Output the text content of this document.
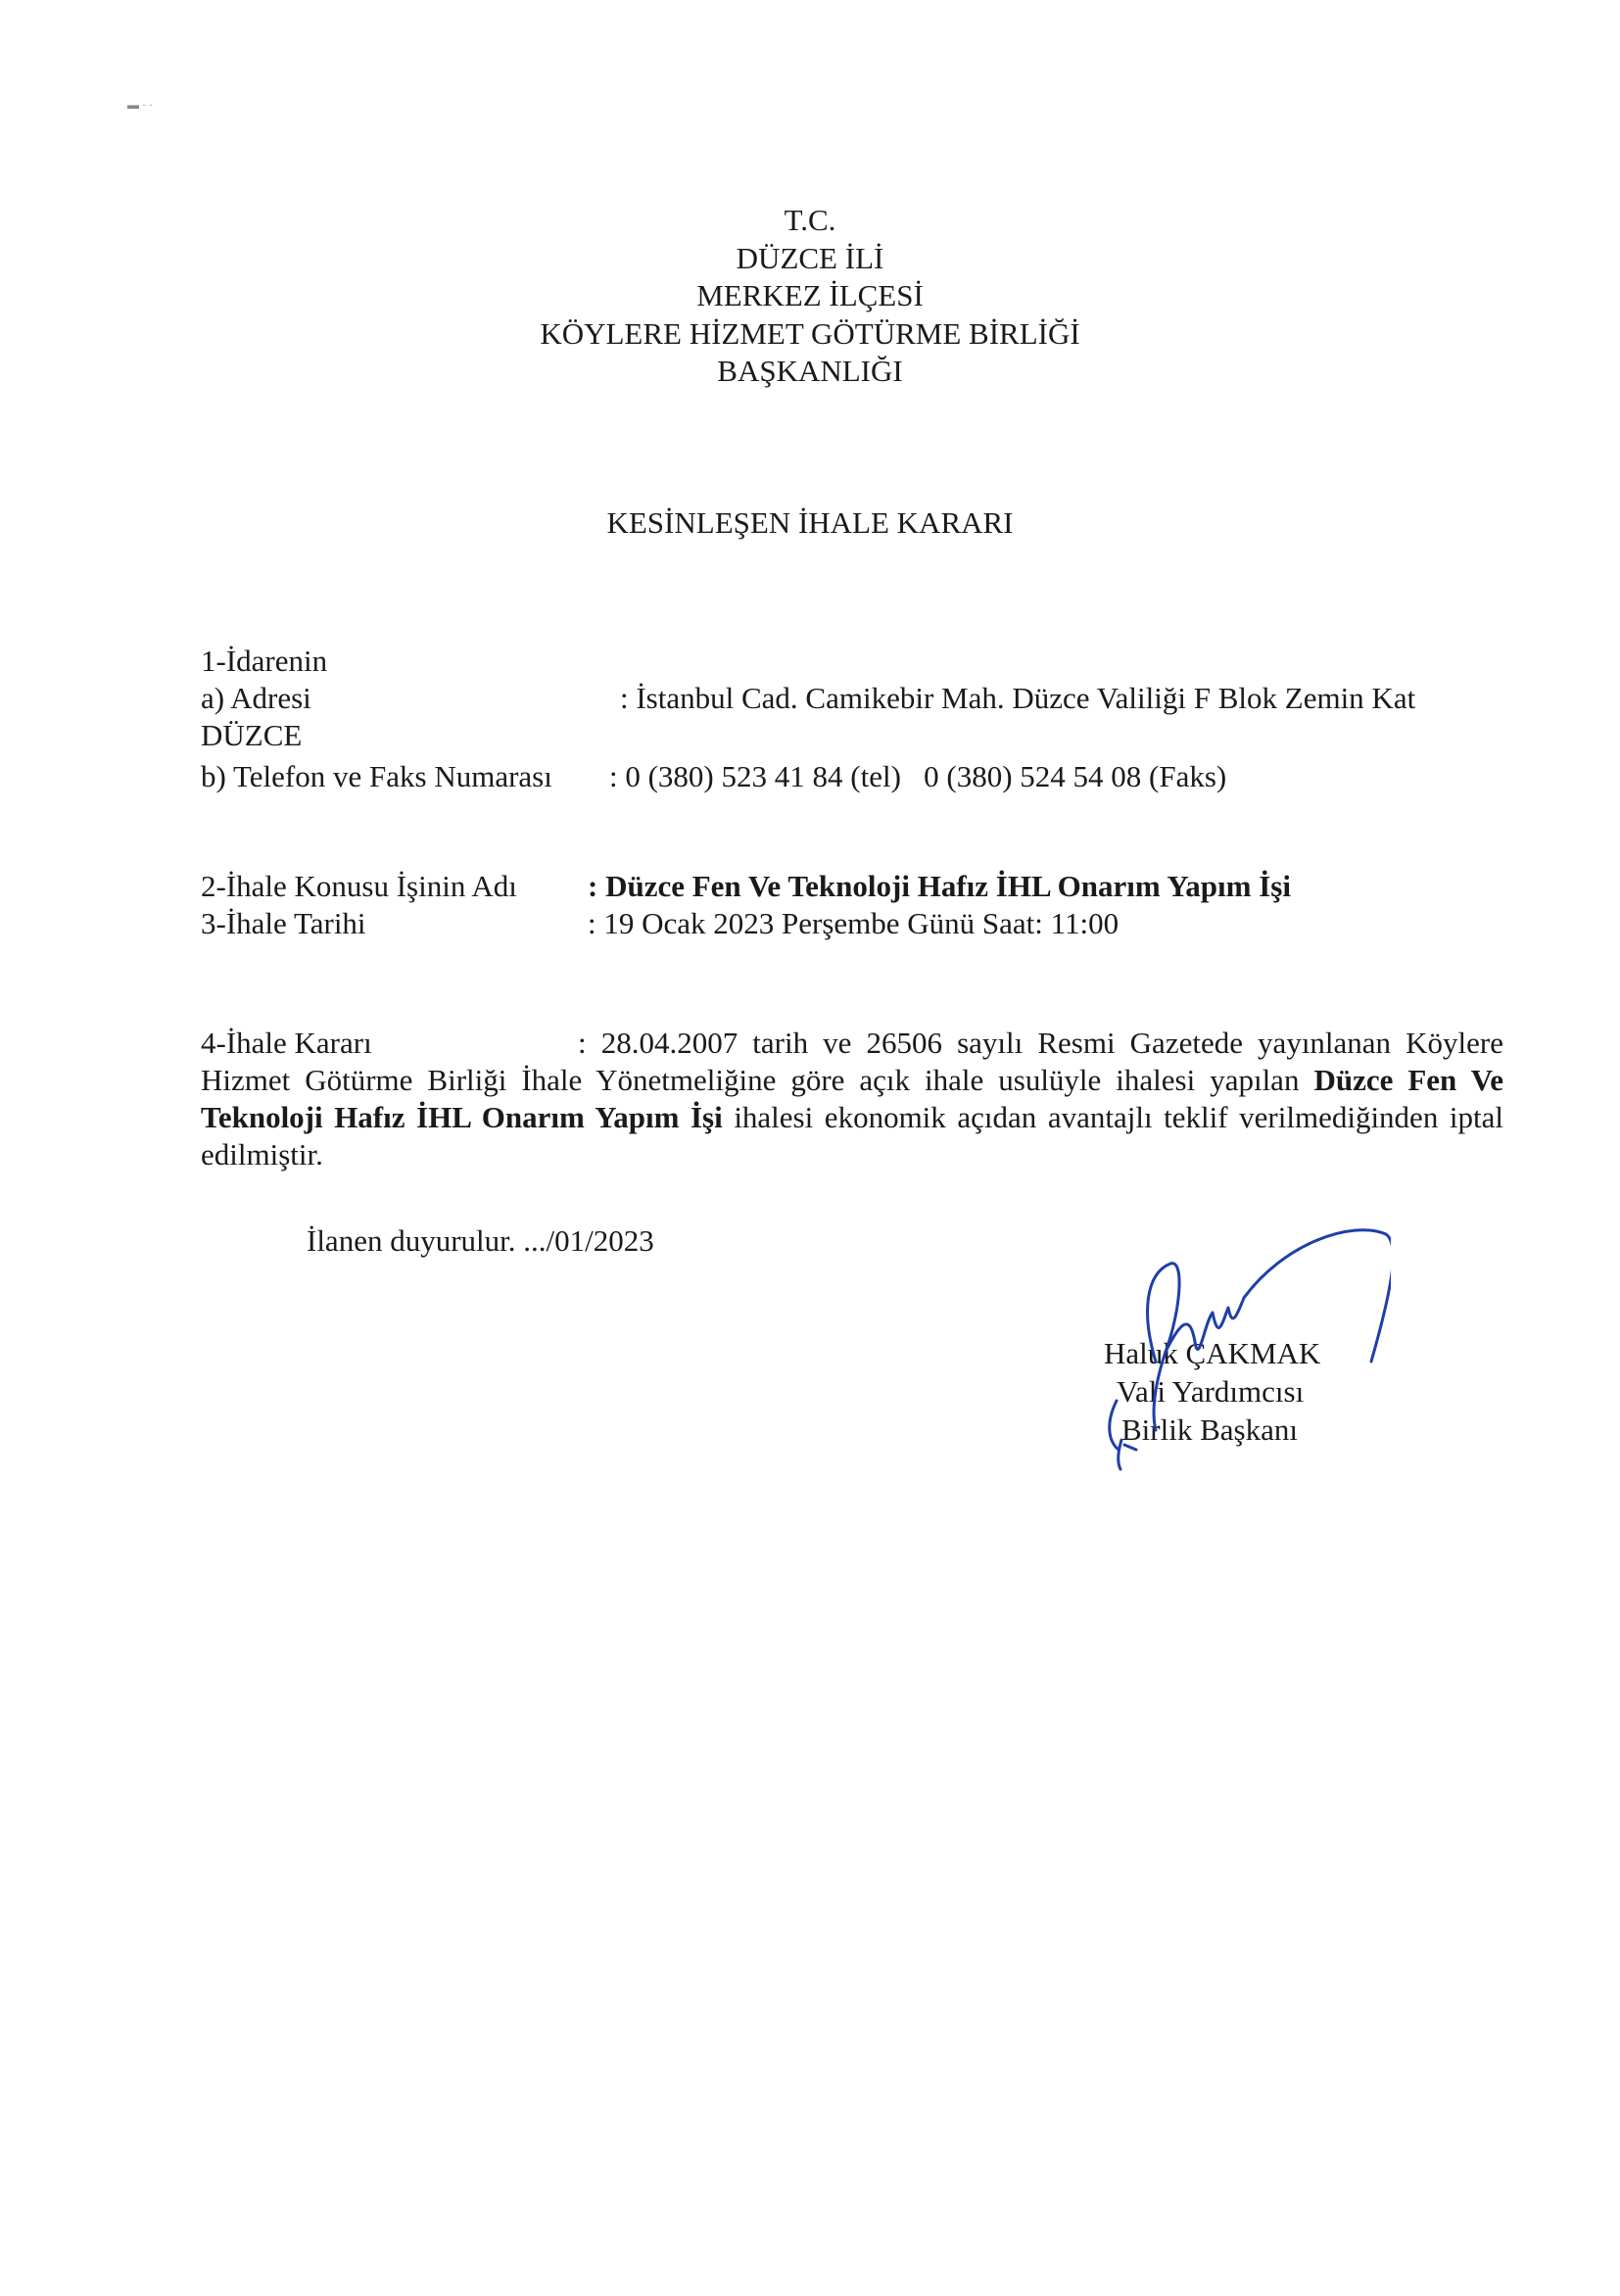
▬ · ·
T.C.
DÜZCE İLİ
MERKEZ İLÇESİ
KÖYLERE HİZMET GÖTÜRME BİRLİĞİ
BAŞKANLIĞI
KESİNLEŞEN İHALE KARARI
1-İdarenin
a) Adresi	: İstanbul Cad. Camikebir Mah. Düzce Valiliği F Blok Zemin Kat
DÜZCE
b) Telefon ve Faks Numarası : 0 (380) 523 41 84 (tel)   0 (380) 524 54 08 (Faks)
2-İhale Konusu İşinin Adı : Düzce Fen Ve Teknoloji Hafız İHL Onarım Yapım İşi
3-İhale Tarihi	: 19 Ocak 2023 Perşembe Günü Saat: 11:00
4-İhale Kararı	: 28.04.2007 tarih ve 26506 sayılı Resmi Gazetede yayınlanan Köylere Hizmet Götürme Birliği İhale Yönetmeliğine göre açık ihale usulüyle ihalesi yapılan Düzce Fen Ve Teknoloji Hafız İHL Onarım Yapım İşi ihalesi ekonomik açıdan avantajlı teklif verilmediğinden iptal edilmiştir.
İlanen duyurulur. .../01/2023
Haluk ÇAKMAK
Vali Yardımcısı
Birlik Başkanı
